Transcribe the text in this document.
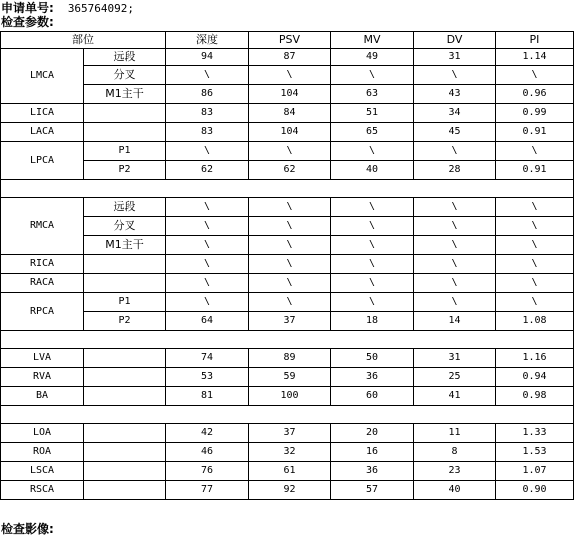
申请单号: 365764092;
检查参数:
部位		深度	PSV	MV	DV	PI
LMCA	远段	94	87	49	31	1.14
	分叉	\	\	\	\	\
	M1主干	86	104	63	43	0.96
LICA		83	84	51	34	0.99
LACA		83	104	65	45	0.91
LPCA	P1	\	\	\	\	\
	P2	62	62	40	28	0.91

RMCA	远段	\	\	\	\	\
	分叉	\	\	\	\	\
	M1主干	\	\	\	\	\
RICA		\	\	\	\	\
RACA		\	\	\	\	\
RPCA	P1	\	\	\	\	\
	P2	64	37	18	14	1.08

LVA		74	89	50	31	1.16
RVA		53	59	36	25	0.94
BA		81	100	60	41	0.98

LOA		42	37	20	11	1.33
ROA		46	32	16	8	1.53
LSCA		76	61	36	23	1.07
RSCA		77	92	57	40	0.90
检查影像:
